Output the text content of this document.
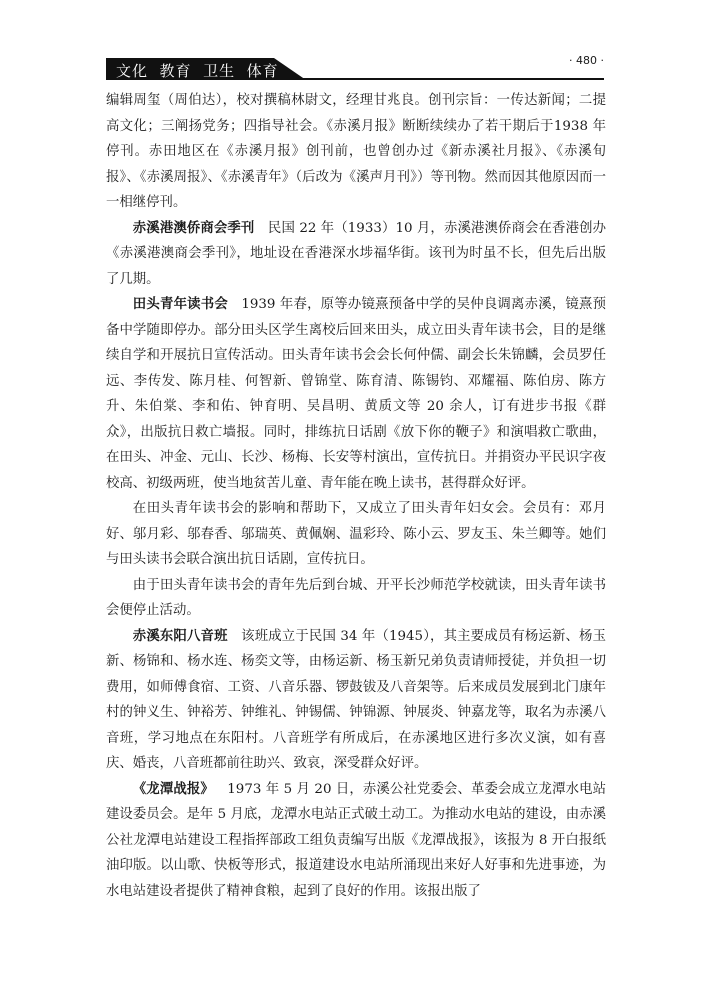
文化  教育  卫生  体育
· 480 ·

编辑周玺（周伯达），校对撰稿林尉文，经理甘兆良。创刊宗旨：一传达新闻；二提高文化；三阐扬党务；四指导社会。《赤溪月报》断断续续办了若干期后于1938 年停刊。赤田地区在《赤溪月报》创刊前，也曾创办过《新赤溪社月报》、《赤溪旬报》、《赤溪周报》、《赤溪青年》（后改为《溪声月刊》）等刊物。然而因其他原因而一一相继停刊。

赤溪港澳侨商会季刊 民国 22 年（1933）10 月，赤溪港澳侨商会在香港创办《赤溪港澳商会季刊》，地址设在香港深水埗福华街。该刊为时虽不长，但先后出版了几期。

田头青年读书会 1939 年春，原等办镜熹预备中学的吴仲良调离赤溪，镜熹预备中学随即停办。部分田头区学生离校后回来田头，成立田头青年读书会，目的是继续自学和开展抗日宣传活动。田头青年读书会会长何仲儒、副会长朱锦麟，会员罗任远、李传发、陈月桂、何智新、曾锦堂、陈育清、陈锡钧、邓耀福、陈伯房、陈方升、朱伯棠、李和佑、钟育明、吴昌明、黄质文等 20 余人，订有进步书报《群众》，出版抗日救亡墙报。同时，排练抗日话剧《放下你的鞭子》和演唱救亡歌曲，在田头、冲金、元山、长沙、杨梅、长安等村演出，宣传抗日。并捐资办平民识字夜校高、初级两班，使当地贫苦儿童、青年能在晚上读书，甚得群众好评。

在田头青年读书会的影响和帮助下，又成立了田头青年妇女会。会员有：邓月好、邬月彩、邬春香、邬瑞英、黄佩娴、温彩玲、陈小云、罗友玉、朱兰卿等。她们与田头读书会联合演出抗日话剧，宣传抗日。

由于田头青年读书会的青年先后到台城、开平长沙师范学校就读，田头青年读书会便停止活动。

赤溪东阳八音班 该班成立于民国 34 年（1945），其主要成员有杨运新、杨玉新、杨锦和、杨水连、杨奕文等，由杨运新、杨玉新兄弟负责请师授徒，并负担一切费用，如师傅食宿、工资、八音乐器、锣鼓钹及八音架等。后来成员发展到北门康年村的钟义生、钟裕芳、钟维礼、钟锡儒、钟锦源、钟展炎、钟嘉龙等，取名为赤溪八音班，学习地点在东阳村。八音班学有所成后，在赤溪地区进行多次义演，如有喜庆、婚丧，八音班都前往助兴、致哀，深受群众好评。

《龙潭战报》 1973 年 5 月 20 日，赤溪公社党委会、革委会成立龙潭水电站建设委员会。是年 5 月底，龙潭水电站正式破土动工。为推动水电站的建设，由赤溪公社龙潭电站建设工程指挥部政工组负责编写出版《龙潭战报》，该报为 8 开白报纸油印版。以山歌、快板等形式，报道建设水电站所涌现出来好人好事和先进事迹，为水电站建设者提供了精神食粮，起到了良好的作用。该报出版了
